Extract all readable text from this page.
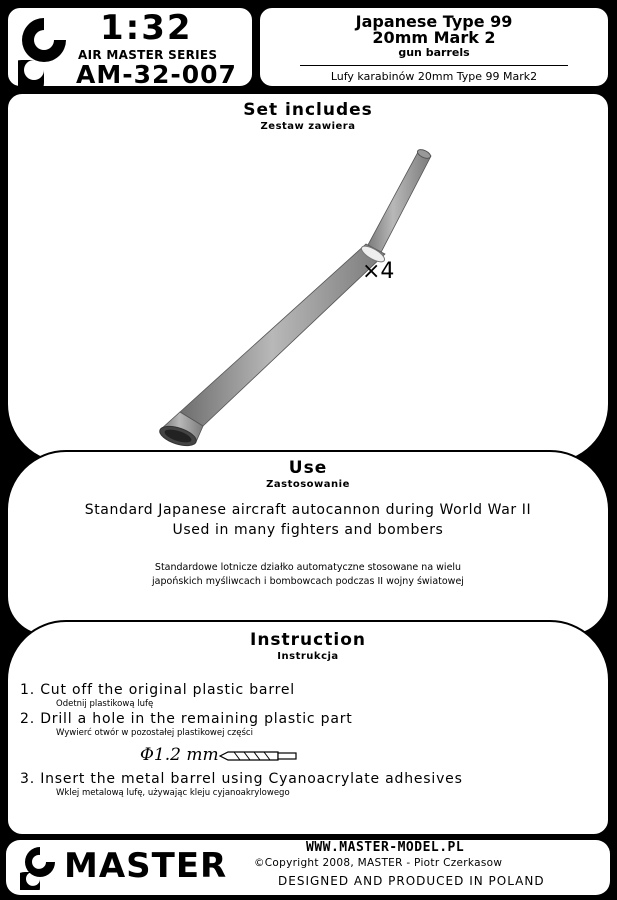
1:32
AIR MASTER SERIES
AM-32-007
Japanese Type 99
20mm Mark 2
gun barrels
Lufy karabinów 20mm Type 99 Mark2
Set includes
Zestaw zawiera
×4
Use
Zastosowanie
Standard Japanese aircraft autocannon during World War II
Used in many fighters and bombers
Standardowe lotnicze działko automatyczne stosowane na wielu
japońskich myśliwcach i bombowcach podczas II wojny światowej
Instruction
Instrukcja
1. Cut off the original plastic barrel
Odetnij plastikową lufę
2. Drill a hole in the remaining plastic part
Wywierć otwór w pozostałej plastikowej części
Φ1.2 mm
3. Insert the metal barrel using Cyanoacrylate adhesives
Wklej metalową lufę, używając kleju cyjanoakrylowego
MASTER	WWW.MASTER-MODEL.PL
©Copyright 2008, MASTER - Piotr Czerkasow
DESIGNED AND PRODUCED IN POLAND
